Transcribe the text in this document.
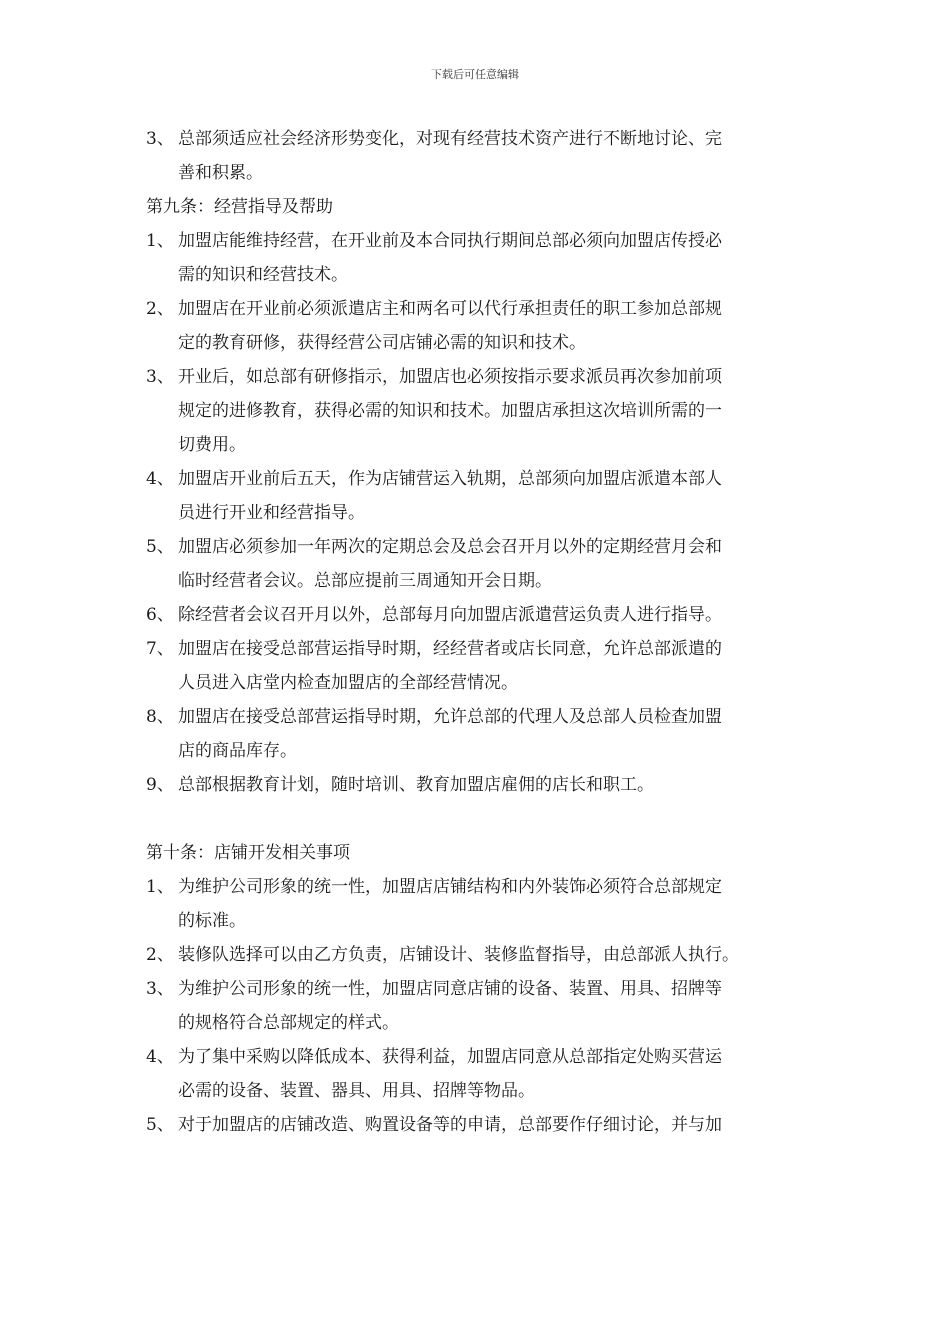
下载后可任意编辑
3、 总部须适应社会经济形势变化，对现有经营技术资产进行不断地讨论、完
善和积累。
第九条：经营指导及帮助
1、 加盟店能维持经营，在开业前及本合同执行期间总部必须向加盟店传授必
需的知识和经营技术。
2、 加盟店在开业前必须派遣店主和两名可以代行承担责任的职工参加总部规
定的教育研修，获得经营公司店铺必需的知识和技术。
3、 开业后，如总部有研修指示，加盟店也必须按指示要求派员再次参加前项
规定的进修教育，获得必需的知识和技术。加盟店承担这次培训所需的一
切费用。
4、 加盟店开业前后五天，作为店铺营运入轨期，总部须向加盟店派遣本部人
员进行开业和经营指导。
5、 加盟店必须参加一年两次的定期总会及总会召开月以外的定期经营月会和
临时经营者会议。总部应提前三周通知开会日期。
6、 除经营者会议召开月以外，总部每月向加盟店派遣营运负责人进行指导。
7、 加盟店在接受总部营运指导时期，经经营者或店长同意，允许总部派遣的
人员进入店堂内检查加盟店的全部经营情况。
8、 加盟店在接受总部营运指导时期，允许总部的代理人及总部人员检查加盟
店的商品库存。
9、 总部根据教育计划，随时培训、教育加盟店雇佣的店长和职工。
第十条：店铺开发相关事项
1、 为维护公司形象的统一性，加盟店店铺结构和内外装饰必须符合总部规定
的标准。
2、 装修队选择可以由乙方负责，店铺设计、装修监督指导，由总部派人执行。
3、 为维护公司形象的统一性，加盟店同意店铺的设备、装置、用具、招牌等
的规格符合总部规定的样式。
4、 为了集中采购以降低成本、获得利益，加盟店同意从总部指定处购买营运
必需的设备、装置、器具、用具、招牌等物品。
5、 对于加盟店的店铺改造、购置设备等的申请，总部要作仔细讨论，并与加
